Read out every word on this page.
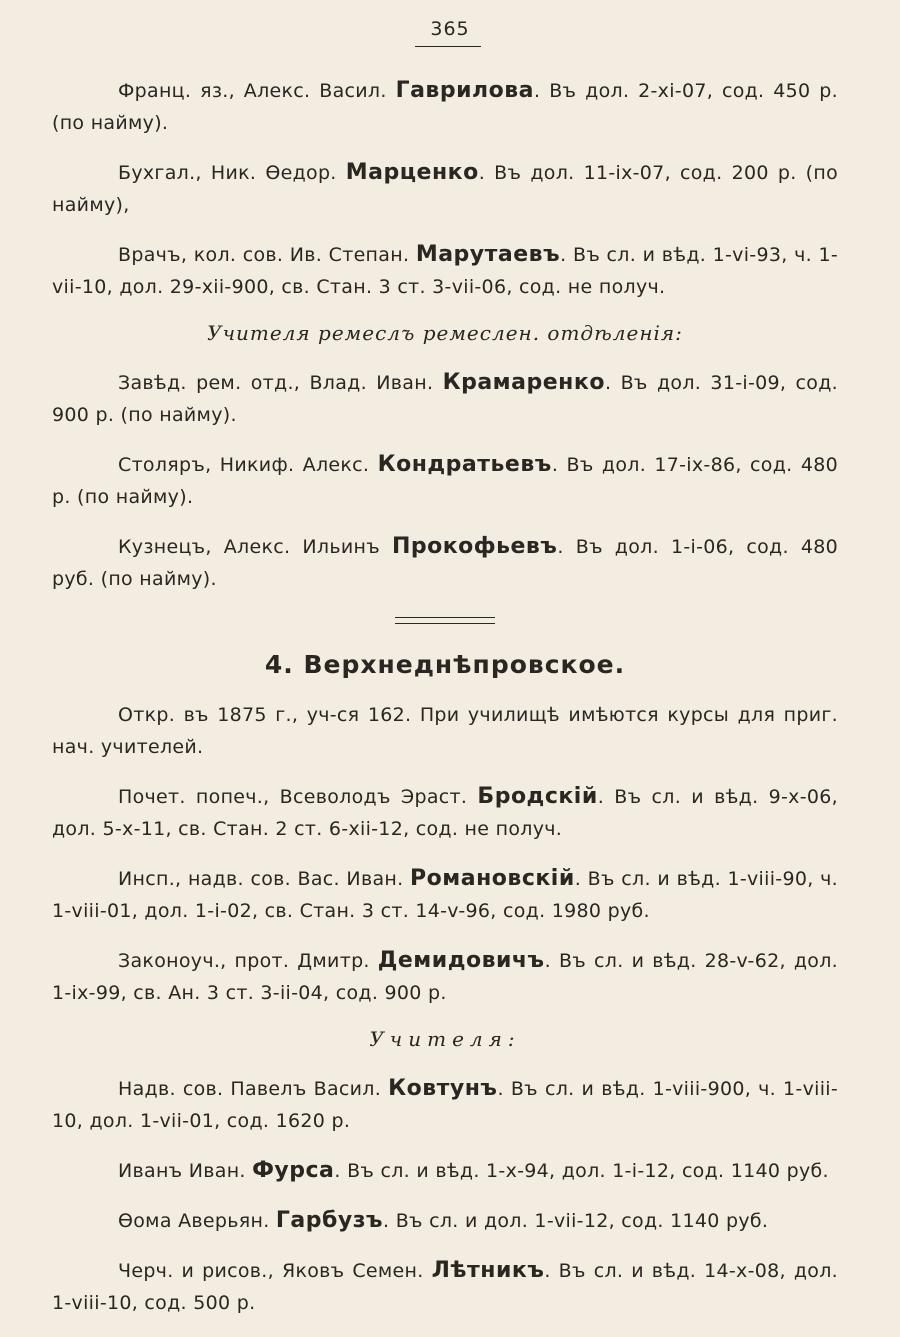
365

Франц. яз., Алекс. Васил. Гаврилова. Въ дол. 2-xi-07, сод. 450 р. (по найму).

Бухгал., Ник. Өедор. Марценко. Въ дол. 11-ix-07, сод. 200 р. (по найму),

Врачъ, кол. сов. Ив. Степан. Марутаевъ. Въ сл. и вѣд. 1-vi-93, ч. 1-vii-10, дол. 29-xii-900, св. Стан. 3 ст. 3-vii-06, сод. не получ.

Учителя ремеслъ ремеслен. отдѣленія:

Завѣд. рем. отд., Влад. Иван. Крамаренко. Въ дол. 31-i-09, сод. 900 р. (по найму).

Столяръ, Никиф. Алекс. Кондратьевъ. Въ дол. 17-ix-86, сод. 480 р. (по найму).

Кузнецъ, Алекс. Ильинъ Прокофьевъ. Въ дол. 1-i-06, сод. 480 руб. (по найму).

4. Верхнеднѣпровское.

Откр. въ 1875 г., уч-ся 162. При училищѣ имѣются курсы для приг. нач. учителей.

Почет. попеч., Всеволодъ Эраст. Бродскій. Въ сл. и вѣд. 9-x-06, дол. 5-x-11, св. Стан. 2 ст. 6-xii-12, сод. не получ.

Инсп., надв. сов. Вас. Иван. Романовскій. Въ сл. и вѣд. 1-viii-90, ч. 1-viii-01, дол. 1-i-02, св. Стан. 3 ст. 14-v-96, сод. 1980 руб.

Законоуч., прот. Дмитр. Демидовичъ. Въ сл. и вѣд. 28-v-62, дол. 1-ix-99, св. Ан. 3 ст. 3-ii-04, сод. 900 р.

Учителя:

Надв. сов. Павелъ Васил. Ковтунъ. Въ сл. и вѣд. 1-viii-900, ч. 1-viii-10, дол. 1-vii-01, сод. 1620 р.

Иванъ Иван. Фурса. Въ сл. и вѣд. 1-x-94, дол. 1-i-12, сод. 1140 руб.

Өома Аверьян. Гарбузъ. Въ сл. и дол. 1-vii-12, сод. 1140 руб.

Черч. и рисов., Яковъ Семен. Лѣтникъ. Въ сл. и вѣд. 14-x-08, дол. 1-viii-10, сод. 500 р.
